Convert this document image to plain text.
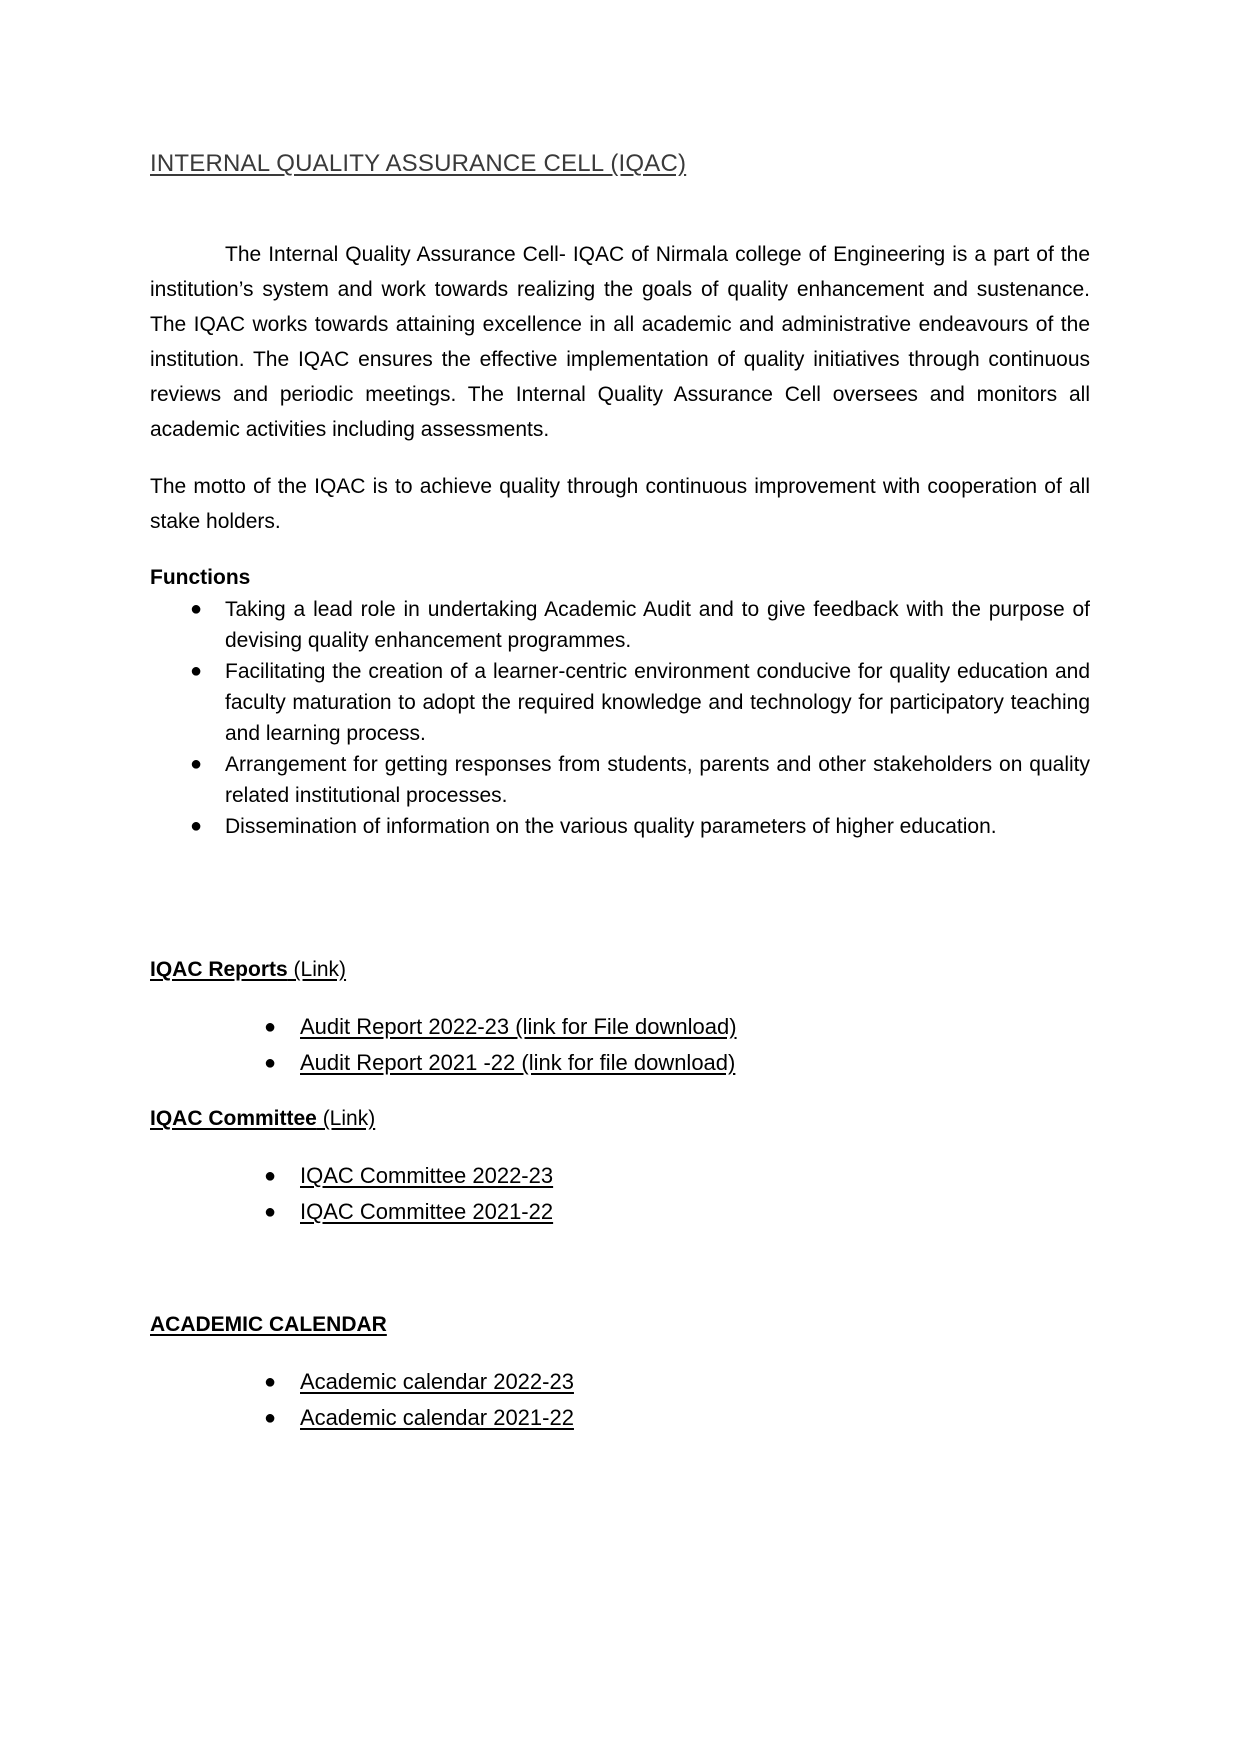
INTERNAL QUALITY ASSURANCE CELL (IQAC)

The Internal Quality Assurance Cell- IQAC of Nirmala college of Engineering is a part of the institution’s system and work towards realizing the goals of quality enhancement and sustenance. The IQAC works towards attaining excellence in all academic and administrative endeavours of the institution. The IQAC ensures the effective implementation of quality initiatives through continuous reviews and periodic meetings. The Internal Quality Assurance Cell oversees and monitors all academic activities including assessments.

The motto of the IQAC is to achieve quality through continuous improvement with cooperation of all stake holders.

Functions

● Taking a lead role in undertaking Academic Audit and to give feedback with the purpose of devising quality enhancement programmes.
● Facilitating the creation of a learner-centric environment conducive for quality education and faculty maturation to adopt the required knowledge and technology for participatory teaching and learning process.
● Arrangement for getting responses from students, parents and other stakeholders on quality related institutional processes.
● Dissemination of information on the various quality parameters of higher education.

IQAC Reports (Link)

● Audit Report 2022-23 (link for File download)
● Audit Report 2021 -22 (link for file download)

IQAC Committee (Link)

● IQAC Committee 2022-23
● IQAC Committee 2021-22

ACADEMIC CALENDAR

● Academic calendar 2022-23
● Academic calendar 2021-22
